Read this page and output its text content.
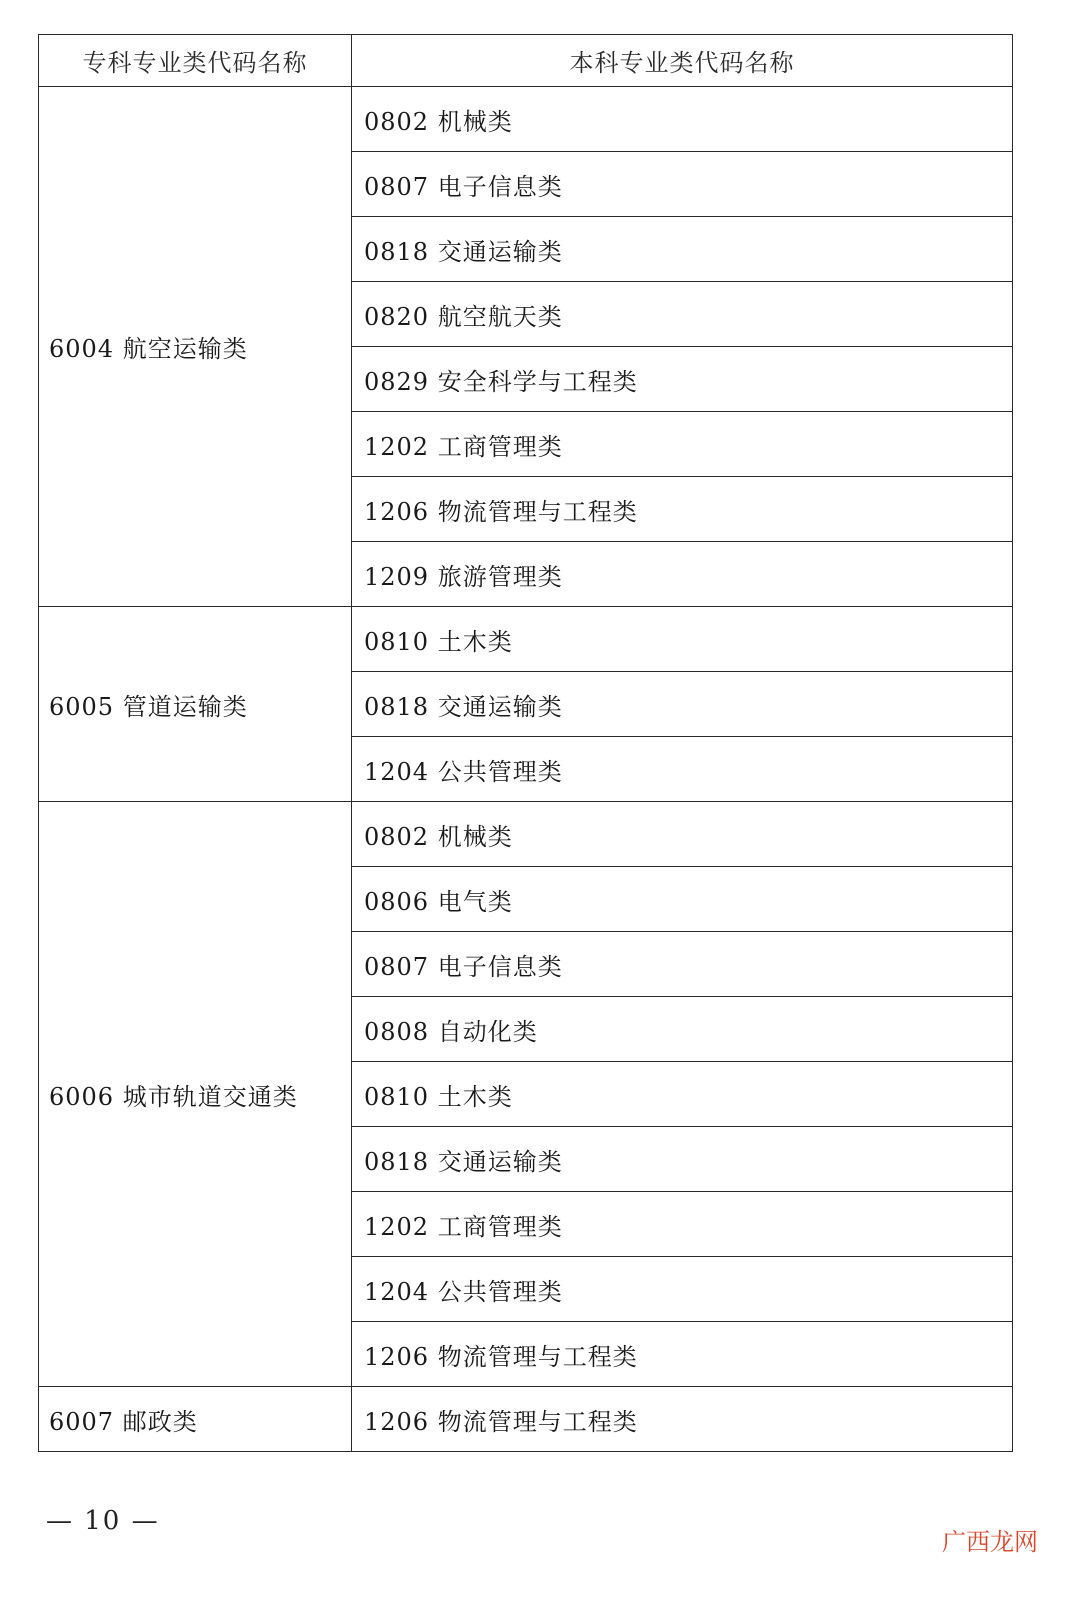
专科专业类代码名称	本科专业类代码名称
6004 航空运输类	0802 机械类
	0807 电子信息类
	0818 交通运输类
	0820 航空航天类
	0829 安全科学与工程类
	1202 工商管理类
	1206 物流管理与工程类
	1209 旅游管理类
6005 管道运输类	0810 土木类
	0818 交通运输类
	1204 公共管理类
6006 城市轨道交通类	0802 机械类
	0806 电气类
	0807 电子信息类
	0808 自动化类
	0810 土木类
	0818 交通运输类
	1202 工商管理类
	1204 公共管理类
	1206 物流管理与工程类
6007 邮政类	1206 物流管理与工程类
— 10 —
广西龙网
